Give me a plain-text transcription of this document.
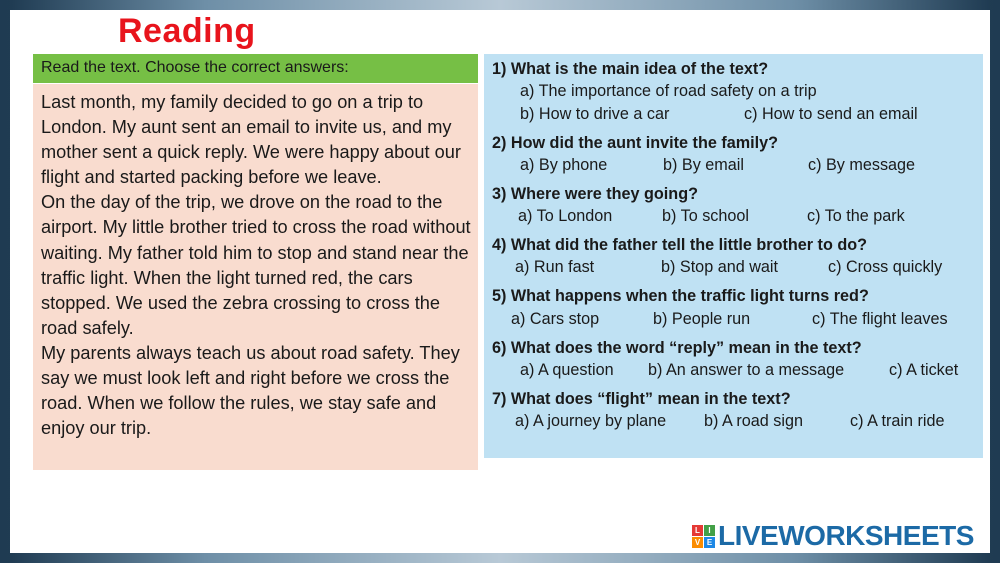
Reading
Read the text. Choose the correct answers:

Last month, my family decided to go on a trip to London. My aunt sent an email to invite us, and my mother sent a quick reply. We were happy about our flight and started packing before we leave.

On the day of the trip, we drove on the road to the airport. My little brother tried to cross the road without waiting. My father told him to stop and stand near the traffic light. When the light turned red, the cars stopped. We used the zebra crossing to cross the road safely.

My parents always teach us about road safety. They say we must look left and right before we cross the road. When we follow the rules, we stay safe and enjoy our trip.

1) What is the main idea of the text?
a) The importance of road safety on a trip
b) How to drive a car	c) How to send an email
2) How did the aunt invite the family?
a) By phone	b) By email	c) By message
3) Where were they going?
a) To London	b) To school	c) To the park
4) What did the father tell the little brother to do?
a) Run fast	b) Stop and wait	c) Cross quickly
5) What happens when the traffic light turns red?
a) Cars stop	b) People run	c) The flight leaves
6) What does the word “reply” mean in the text?
a) A question b) An answer to a message	c) A ticket
7) What does “flight” mean in the text?
a) A journey by plane b) A road sign	c) A train ride
L	I
V E LIVEWORKSHEETS
